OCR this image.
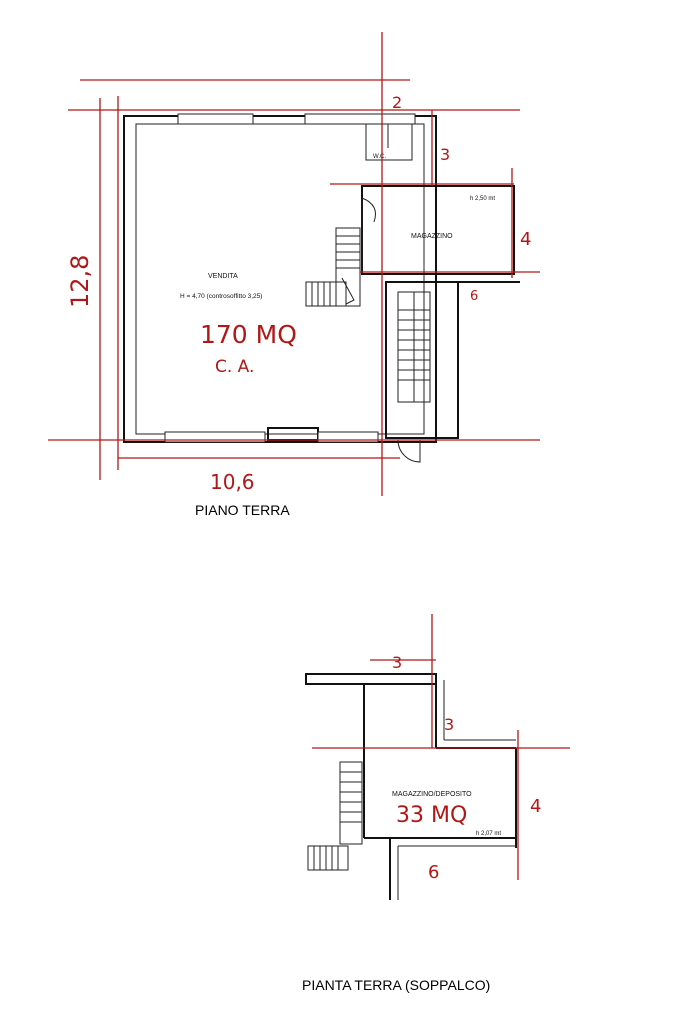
VENDITA
H = 4,70 (controsoffitto 3,25)
W.C.
MAGAZZINO
h 2,50 mt
PIANO TERRA
170 MQ
C. A.
10,6
12,8
2
3
4
6
MAGAZZINO/DEPOSITO
h 2,07 mt
PIANTA TERRA (SOPPALCO)
3
3
4
6
33 MQ
